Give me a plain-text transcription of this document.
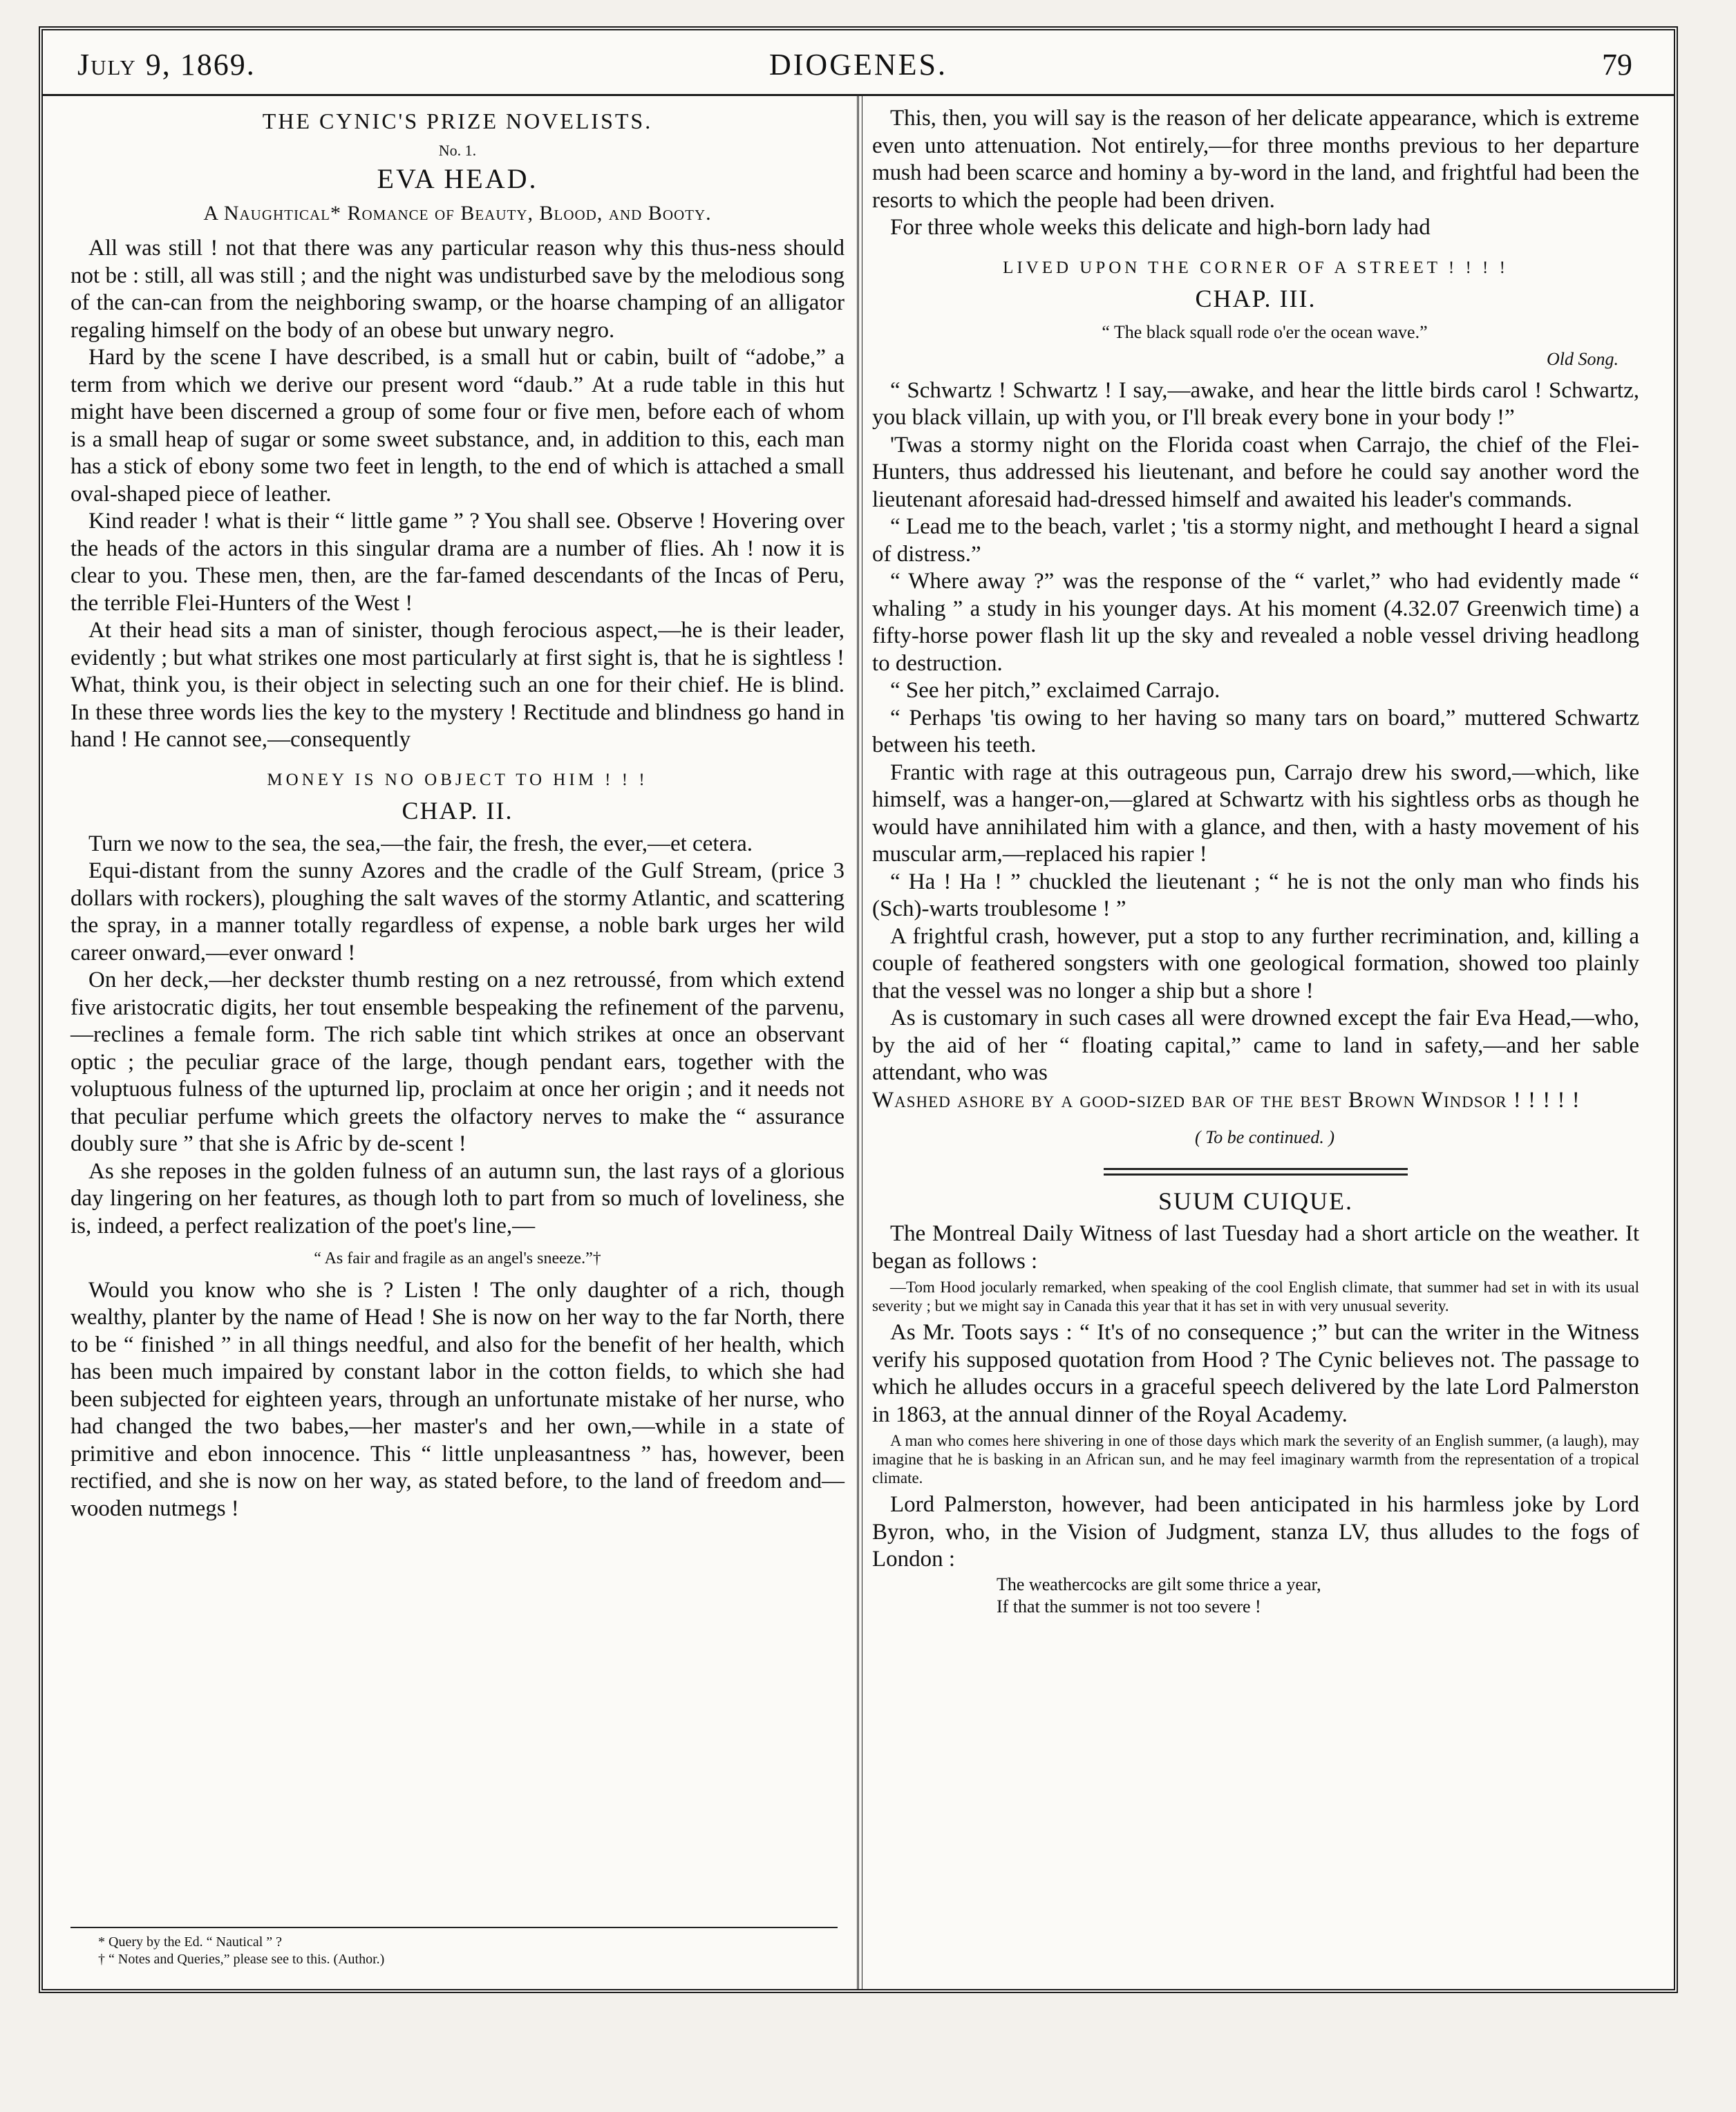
July 9, 1869.	DIOGENES.	79

THE CYNIC'S PRIZE NOVELISTS.

No. 1.

EVA HEAD.

A Naughtical* Romance of Beauty, Blood, and Booty.

All was still ! not that there was any particular reason why this thus-ness should not be : still, all was still ; and the night was undisturbed save by the melodious song of the can-can from the neighboring swamp, or the hoarse champing of an alligator regaling himself on the body of an obese but unwary negro.

Hard by the scene I have described, is a small hut or cabin, built of “adobe,” a term from which we derive our present word “daub.” At a rude table in this hut might have been discerned a group of some four or five men, before each of whom is a small heap of sugar or some sweet substance, and, in addition to this, each man has a stick of ebony some two feet in length, to the end of which is attached a small oval-shaped piece of leather.

Kind reader ! what is their “ little game ” ? You shall see. Observe ! Hovering over the heads of the actors in this singular drama are a number of flies. Ah ! now it is clear to you. These men, then, are the far-famed descendants of the Incas of Peru, the terrible Flei-Hunters of the West !

At their head sits a man of sinister, though ferocious aspect,—he is their leader, evidently ; but what strikes one most particularly at first sight is, that he is sightless ! What, think you, is their object in selecting such an one for their chief. He is blind. In these three words lies the key to the mystery ! Rectitude and blindness go hand in hand ! He cannot see,—consequently

MONEY IS NO OBJECT TO HIM ! ! !

CHAP. II.

Turn we now to the sea, the sea,—the fair, the fresh, the ever,—et cetera.

Equi-distant from the sunny Azores and the cradle of the Gulf Stream, (price 3 dollars with rockers), ploughing the salt waves of the stormy Atlantic, and scattering the spray, in a manner totally regardless of expense, a noble bark urges her wild career onward,—ever onward !

On her deck,—her deckster thumb resting on a nez retroussé, from which extend five aristocratic digits, her tout ensemble bespeaking the refinement of the parvenu,—reclines a female form. The rich sable tint which strikes at once an observant optic ; the peculiar grace of the large, though pendant ears, together with the voluptuous fulness of the upturned lip, proclaim at once her origin ; and it needs not that peculiar perfume which greets the olfactory nerves to make the “ assurance doubly sure ” that she is Afric by de-scent !

As she reposes in the golden fulness of an autumn sun, the last rays of a glorious day lingering on her features, as though loth to part from so much of loveliness, she is, indeed, a perfect realization of the poet's line,—

“ As fair and fragile as an angel's sneeze.”†

Would you know who she is ? Listen ! The only daughter of a rich, though wealthy, planter by the name of Head ! She is now on her way to the far North, there to be “ finished ” in all things needful, and also for the benefit of her health, which has been much impaired by constant labor in the cotton fields, to which she had been subjected for eighteen years, through an unfortunate mistake of her nurse, who had changed the two babes,—her master's and her own,—while in a state of primitive and ebon innocence. This “ little unpleasantness ” has, however, been rectified, and she is now on her way, as stated before, to the land of freedom and—wooden nutmegs !

* Query by the Ed. “ Nautical ” ?

† “ Notes and Queries,” please see to this. (Author.)

This, then, you will say is the reason of her delicate appearance, which is extreme even unto attenuation. Not entirely,—for three months previous to her departure mush had been scarce and hominy a by-word in the land, and frightful had been the resorts to which the people had been driven.

For three whole weeks this delicate and high-born lady had

LIVED UPON THE CORNER OF A STREET ! ! ! !

CHAP. III.

“ The black squall rode o'er the ocean wave.”

Old Song.

“ Schwartz ! Schwartz ! I say,—awake, and hear the little birds carol ! Schwartz, you black villain, up with you, or I'll break every bone in your body !”

'Twas a stormy night on the Florida coast when Carrajo, the chief of the Flei-Hunters, thus addressed his lieutenant, and before he could say another word the lieutenant aforesaid had-dressed himself and awaited his leader's commands.

“ Lead me to the beach, varlet ; 'tis a stormy night, and methought I heard a signal of distress.”

“ Where away ?” was the response of the “ varlet,” who had evidently made “ whaling ” a study in his younger days. At his moment (4.32.07 Greenwich time) a fifty-horse power flash lit up the sky and revealed a noble vessel driving headlong to destruction.

“ See her pitch,” exclaimed Carrajo.

“ Perhaps 'tis owing to her having so many tars on board,” muttered Schwartz between his teeth.

Frantic with rage at this outrageous pun, Carrajo drew his sword,—which, like himself, was a hanger-on,—glared at Schwartz with his sightless orbs as though he would have annihilated him with a glance, and then, with a hasty movement of his muscular arm,—replaced his rapier !

“ Ha ! Ha ! ” chuckled the lieutenant ; “ he is not the only man who finds his (Sch)-warts troublesome ! ”

A frightful crash, however, put a stop to any further recrimination, and, killing a couple of feathered songsters with one geological formation, showed too plainly that the vessel was no longer a ship but a shore !

As is customary in such cases all were drowned except the fair Eva Head,—who, by the aid of her “ floating capital,” came to land in safety,—and her sable attendant, who was

Washed ashore by a good-sized bar of the best Brown Windsor ! ! ! ! !

( To be continued. )

SUUM CUIQUE.

The Montreal Daily Witness of last Tuesday had a short article on the weather. It began as follows :

—Tom Hood jocularly remarked, when speaking of the cool English climate, that summer had set in with its usual severity ; but we might say in Canada this year that it has set in with very unusual severity.

As Mr. Toots says : “ It's of no consequence ;” but can the writer in the Witness verify his supposed quotation from Hood ? The Cynic believes not. The passage to which he alludes occurs in a graceful speech delivered by the late Lord Palmerston in 1863, at the annual dinner of the Royal Academy.

A man who comes here shivering in one of those days which mark the severity of an English summer, (a laugh), may imagine that he is basking in an African sun, and he may feel imaginary warmth from the representation of a tropical climate.

Lord Palmerston, however, had been anticipated in his harmless joke by Lord Byron, who, in the Vision of Judgment, stanza LV, thus alludes to the fogs of London :

The weathercocks are gilt some thrice a year,

If that the summer is not too severe !
